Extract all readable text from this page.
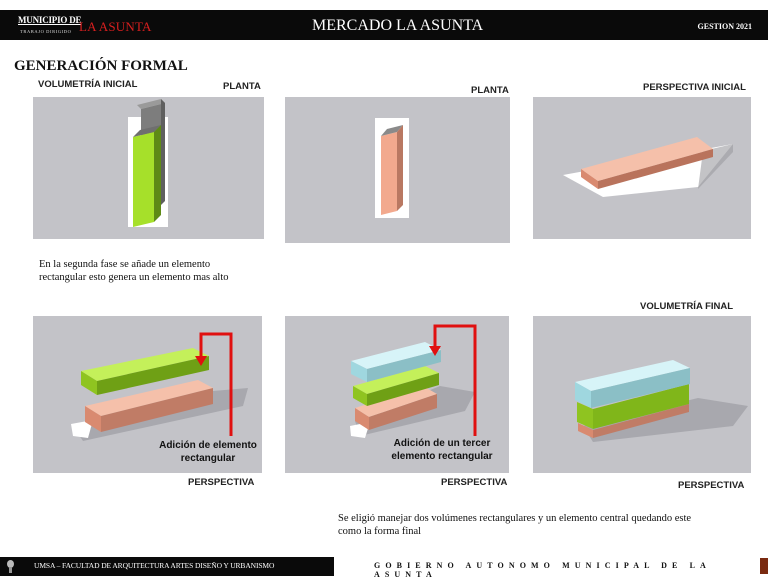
MUNICIPIO DE
TRABAJO DIRIGIDO LA ASUNTA	MERCADO LA ASUNTA	GESTION 2021
GENERACIÓN FORMAL
VOLUMETRÍA INICIAL	PLANTA	PLANTA	PERSPECTIVA INICIAL
En la segunda fase se añade un elemento rectangular esto genera un elemento mas alto
VOLUMETRÍA FINAL
Adición de elemento rectangular
Adición de un tercer elemento rectangular
PERSPECTIVA	PERSPECTIVA	PERSPECTIVA
Se eligió manejar dos volúmenes rectangulares y un elemento central quedando este como la forma final
UMSA – FACULTAD DE ARQUITECTURA ARTES DISEÑO Y URBANISMO	GOBIERNO AUTONOMO MUNICIPAL DE LA ASUNTA
